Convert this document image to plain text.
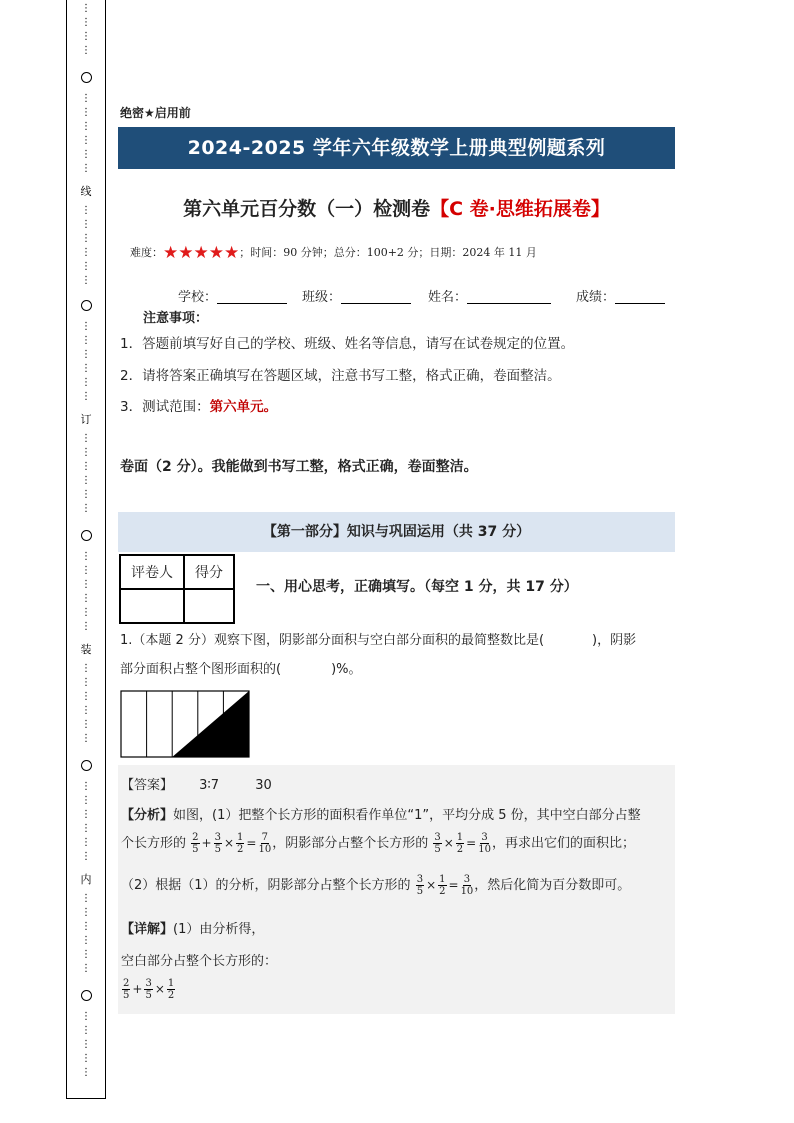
⋮
⋮
⋮
⋮
⋮
⋮
⋮
⋮
⋮
⋮
线
⋮
⋮
⋮
⋮
⋮
⋮
⋮
⋮
⋮
⋮
⋮
⋮
订
⋮
⋮
⋮
⋮
⋮
⋮
⋮
⋮
⋮
⋮
⋮
⋮
装
⋮
⋮
⋮
⋮
⋮
⋮
⋮
⋮
⋮
⋮
⋮
⋮
内
⋮
⋮
⋮
⋮
⋮
⋮
⋮
⋮
⋮
⋮
⋮
绝密★启用前
2024-2025 学年六年级数学上册典型例题系列
第六单元百分数（一）检测卷【C 卷·思维拓展卷】
难度：★★★★★；时间：90 分钟；总分：100+2 分；日期：2024 年 11 月
学校：	班级：	姓名：	成绩：
注意事项：
1．答题前填写好自己的学校、班级、姓名等信息，请写在试卷规定的位置。
2．请将答案正确填写在答题区域，注意书写工整，格式正确，卷面整洁。
3．测试范围：第六单元。
卷面（2 分）。我能做到书写工整，格式正确，卷面整洁。
【第一部分】知识与巩固运用（共 37 分）
评卷人	得分

一、用心思考，正确填写。（每空 1 分，共 17 分）
1.（本题 2 分）观察下图，阴影部分面积与空白部分面积的最简整数比是(	)，阴影
部分面积占整个图形面积的(	)%。
【答案】 3∶7	30
【分析】如图，(1）把整个长方形的面积看作单位“1”，平均分成 5 份，其中空白部分占整
个长方形的 $\frac{2}{5} + \frac{3}{5} \times \frac{1}{2} = \frac{7}{10}$ ，阴影部分占整个长方形的 $\frac{3}{5} \times \frac{1}{2} = \frac{3}{10}$ ，再求出它们的面积比；
（2）根据（1）的分析，阴影部分占整个长方形的 $\frac{3}{5} \times \frac{1}{2} = \frac{3}{10}$ ，然后化简为百分数即可。
【详解】(1）由分析得，
空白部分占整个长方形的：
$\frac{2}{5} + \frac{3}{5} \times \frac{1}{2}$
